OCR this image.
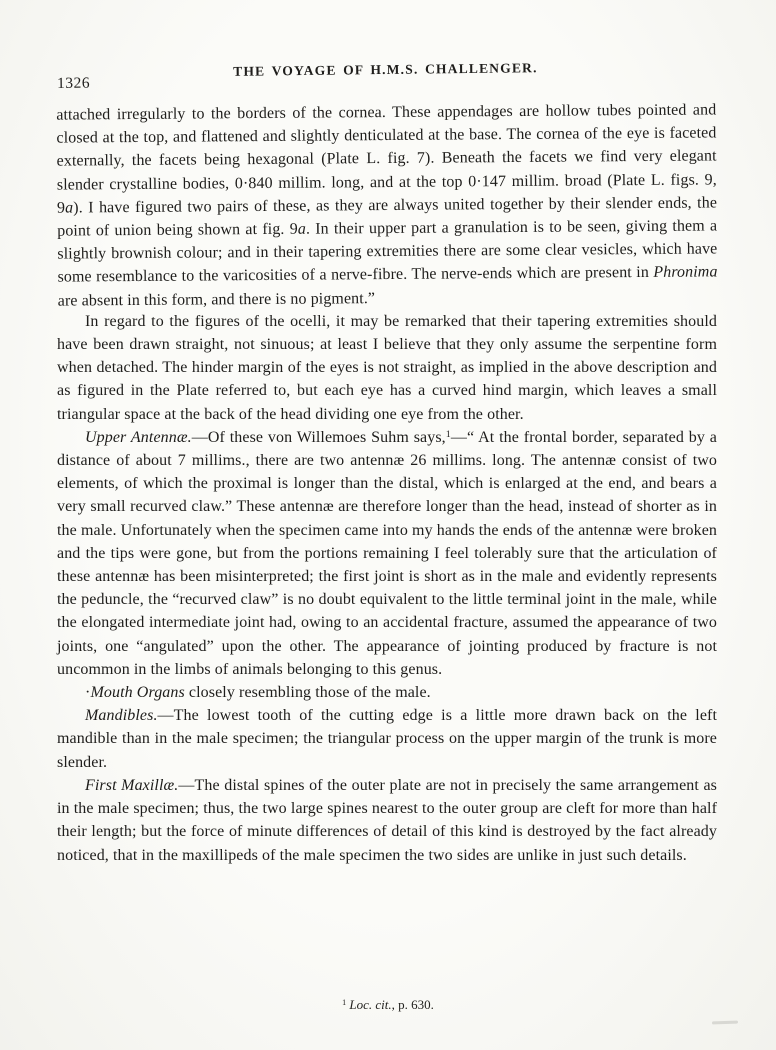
1326
THE VOYAGE OF H.M.S. CHALLENGER.

attached irregularly to the borders of the cornea. These appendages are hollow tubes pointed and closed at the top, and flattened and slightly denticulated at the base. The cornea of the eye is faceted externally, the facets being hexagonal (Plate L. fig. 7). Beneath the facets we find very elegant slender crystalline bodies, 0·840 millim. long, and at the top 0·147 millim. broad (Plate L. figs. 9, 9a). I have figured two pairs of these, as they are always united together by their slender ends, the point of union being shown at fig. 9a. In their upper part a granulation is to be seen, giving them a slightly brownish colour; and in their tapering extremities there are some clear vesicles, which have some resemblance to the varicosities of a nerve-fibre. The nerve-ends which are present in Phronima are absent in this form, and there is no pigment.”

In regard to the figures of the ocelli, it may be remarked that their tapering extremities should have been drawn straight, not sinuous; at least I believe that they only assume the serpentine form when detached. The hinder margin of the eyes is not straight, as implied in the above description and as figured in the Plate referred to, but each eye has a curved hind margin, which leaves a small triangular space at the back of the head dividing one eye from the other.

Upper Antennæ.—Of these von Willemoes Suhm says,$^1$—“ At the frontal border, separated by a distance of about 7 millims., there are two antennæ 26 millims. long. The antennæ consist of two elements, of which the proximal is longer than the distal, which is enlarged at the end, and bears a very small recurved claw.” These antennæ are therefore longer than the head, instead of shorter as in the male. Unfortunately when the specimen came into my hands the ends of the antennæ were broken and the tips were gone, but from the portions remaining I feel tolerably sure that the articulation of these antennæ has been misinterpreted; the first joint is short as in the male and evidently represents the peduncle, the “recurved claw” is no doubt equivalent to the little terminal joint in the male, while the elongated intermediate joint had, owing to an accidental fracture, assumed the appearance of two joints, one “angulated” upon the other. The appearance of jointing produced by fracture is not uncommon in the limbs of animals belonging to this genus.

·Mouth Organs closely resembling those of the male.

Mandibles.—The lowest tooth of the cutting edge is a little more drawn back on the left mandible than in the male specimen; the triangular process on the upper margin of the trunk is more slender.

First Maxillæ.—The distal spines of the outer plate are not in precisely the same arrangement as in the male specimen; thus, the two large spines nearest to the outer group are cleft for more than half their length; but the force of minute differences of detail of this kind is destroyed by the fact already noticed, that in the maxillipeds of the male specimen the two sides are unlike in just such details.

$^1$ Loc. cit., p. 630.
